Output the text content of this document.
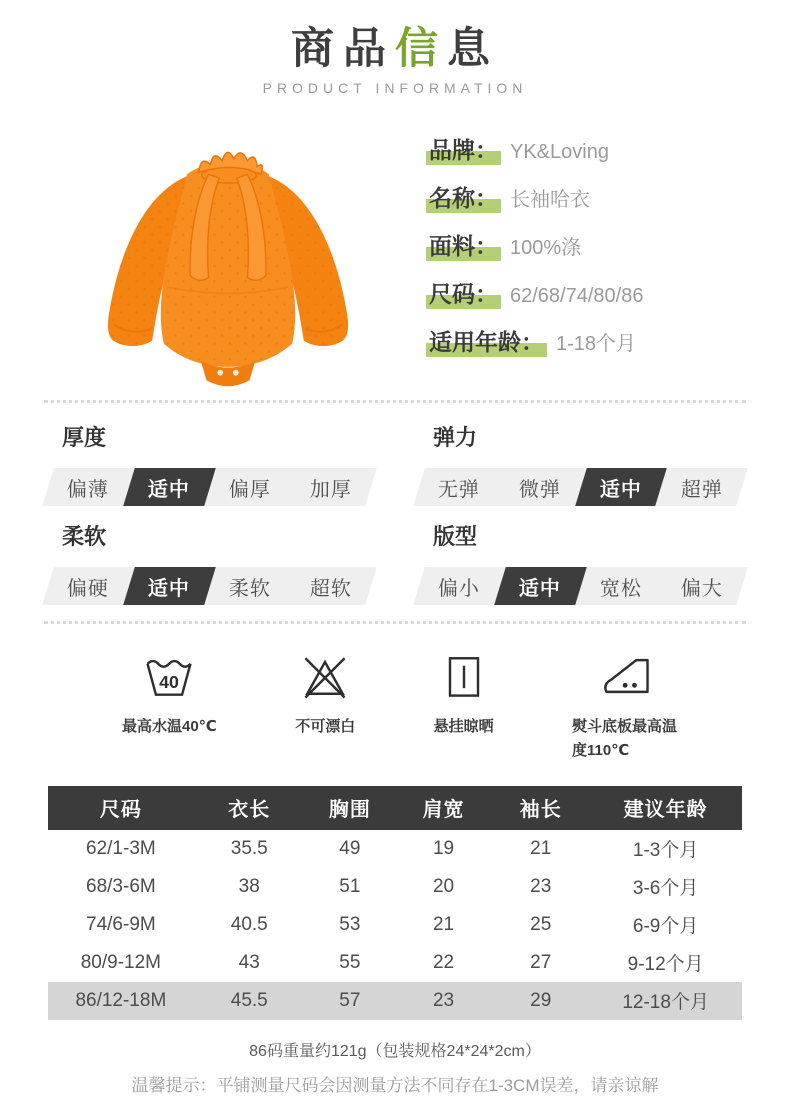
商品信息
PRODUCT INFORMATION
品牌： YK&Loving
名称： 长袖哈衣
面料： 100%涤
尺码： 62/68/74/80/86
适用年龄： 1-18个月
厚度
偏薄 适中 偏厚 加厚
弹力
无弹 微弹 适中 超弹
柔软
偏硬 适中 柔软 超软
版型
偏小 适中 宽松 偏大
40
最高水温40℃	不可漂白	悬挂晾晒	熨斗底板最高温度110℃
尺码	衣长	胸围	肩宽	袖长	建议年龄
62/1-3M	35.5	49	19	21	1-3个月
68/3-6M	38	51	20	23	3-6个月
74/6-9M	40.5	53	21	25	6-9个月
80/9-12M	43	55	22	27	9-12个月
86/12-18M	45.5	57	23	29	12-18个月
86码重量约121g（包装规格24*24*2cm）
温馨提示：平铺测量尺码会因测量方法不同存在1-3CM误差，请亲谅解
